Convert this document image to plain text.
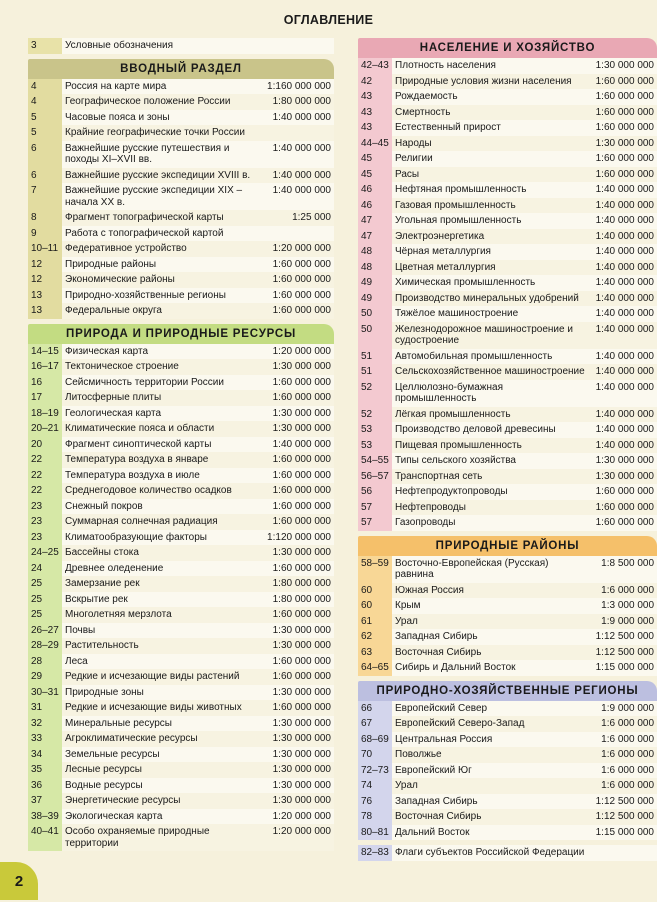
ОГЛАВЛЕНИЕ
3	Условные обозначения	
ВВОДНЫЙ РАЗДЕЛ
4	Россия на карте мира	1:160 000 000
4	Географическое положение России	1:80 000 000
5	Часовые пояса и зоны	1:40 000 000
5	Крайние географические точки России	
6	Важнейшие русские путешествия и походы XI–XVII вв.	1:40 000 000
6	Важнейшие русские экспедиции XVIII в.	1:40 000 000
7	Важнейшие русские экспедиции XIX – начала XX в.	1:40 000 000
8	Фрагмент топографической карты	1:25 000
9	Работа с топографической картой	
10–11	Федеративное устройство	1:20 000 000
12	Природные районы	1:60 000 000
12	Экономические районы	1:60 000 000
13	Природно-хозяйственные регионы	1:60 000 000
13	Федеральные округа	1:60 000 000
ПРИРОДА И ПРИРОДНЫЕ РЕСУРСЫ
14–15	Физическая карта	1:20 000 000
16–17	Тектоническое строение	1:30 000 000
16	Сейсмичность территории России	1:60 000 000
17	Литосферные плиты	1:60 000 000
18–19	Геологическая карта	1:30 000 000
20–21	Климатические пояса и области	1:30 000 000
20	Фрагмент синоптической карты	1:40 000 000
22	Температура воздуха в январе	1:60 000 000
22	Температура воздуха в июле	1:60 000 000
22	Среднегодовое количество осадков	1:60 000 000
23	Снежный покров	1:60 000 000
23	Суммарная солнечная радиация	1:60 000 000
23	Климатообразующие факторы	1:120 000 000
24–25	Бассейны стока	1:30 000 000
24	Древнее оледенение	1:60 000 000
25	Замерзание рек	1:80 000 000
25	Вскрытие рек	1:80 000 000
25	Многолетняя мерзлота	1:60 000 000
26–27	Почвы	1:30 000 000
28–29	Растительность	1:30 000 000
28	Леса	1:60 000 000
29	Редкие и исчезающие виды растений	1:60 000 000
30–31	Природные зоны	1:30 000 000
31	Редкие и исчезающие виды животных	1:60 000 000
32	Минеральные ресурсы	1:30 000 000
33	Агроклиматические ресурсы	1:30 000 000
34	Земельные ресурсы	1:30 000 000
35	Лесные ресурсы	1:30 000 000
36	Водные ресурсы	1:30 000 000
37	Энергетические ресурсы	1:30 000 000
38–39	Экологическая карта	1:20 000 000
40–41	Особо охраняемые природные территории	1:20 000 000
НАСЕЛЕНИЕ И ХОЗЯЙСТВО
42–43	Плотность населения	1:30 000 000
42	Природные условия жизни населения	1:60 000 000
43	Рождаемость	1:60 000 000
43	Смертность	1:60 000 000
43	Естественный прирост	1:60 000 000
44–45	Народы	1:30 000 000
45	Религии	1:60 000 000
45	Расы	1:60 000 000
46	Нефтяная промышленность	1:40 000 000
46	Газовая промышленность	1:40 000 000
47	Угольная промышленность	1:40 000 000
47	Электроэнергетика	1:40 000 000
48	Чёрная металлургия	1:40 000 000
48	Цветная металлургия	1:40 000 000
49	Химическая промышленность	1:40 000 000
49	Производство минеральных удобрений	1:40 000 000
50	Тяжёлое машиностроение	1:40 000 000
50	Железнодорожное машиностроение и судостроение	1:40 000 000
51	Автомобильная промышленность	1:40 000 000
51	Сельскохозяйственное машиностроение	1:40 000 000
52	Целлюлозно-бумажная промышленность	1:40 000 000
52	Лёгкая промышленность	1:40 000 000
53	Производство деловой древесины	1:40 000 000
53	Пищевая промышленность	1:40 000 000
54–55	Типы сельского хозяйства	1:30 000 000
56–57	Транспортная сеть	1:30 000 000
56	Нефтепродуктопроводы	1:60 000 000
57	Нефтепроводы	1:60 000 000
57	Газопроводы	1:60 000 000
ПРИРОДНЫЕ РАЙОНЫ
58–59	Восточно-Европейская (Русская) равнина	1:8 500 000
60	Южная Россия	1:6 000 000
60	Крым	1:3 000 000
61	Урал	1:9 000 000
62	Западная Сибирь	1:12 500 000
63	Восточная Сибирь	1:12 500 000
64–65	Сибирь и Дальний Восток	1:15 000 000
ПРИРОДНО-ХОЗЯЙСТВЕННЫЕ РЕГИОНЫ
66	Европейский Север	1:9 000 000
67	Европейский Северо-Запад	1:6 000 000
68–69	Центральная Россия	1:6 000 000
70	Поволжье	1:6 000 000
72–73	Европейский Юг	1:6 000 000
74	Урал	1:6 000 000
76	Западная Сибирь	1:12 500 000
78	Восточная Сибирь	1:12 500 000
80–81	Дальний Восток	1:15 000 000
82–83	Флаги субъектов Российской Федерации	
2
